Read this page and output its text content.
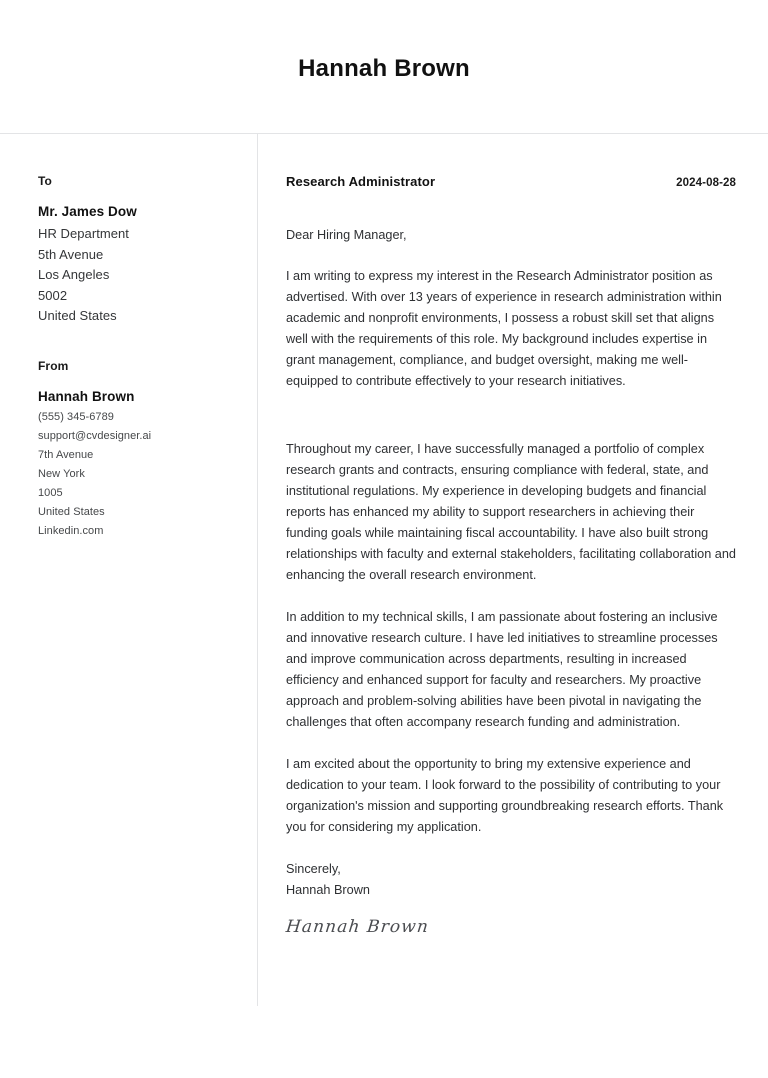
Hannah Brown
To
Mr. James Dow
HR Department
5th Avenue
Los Angeles
5002
United States
From
Hannah Brown
(555) 345-6789
support@cvdesigner.ai
7th Avenue
New York
1005
United States
Linkedin.com
Research Administrator	2024-08-28
Dear Hiring Manager,

I am writing to express my interest in the Research Administrator position as advertised. With over 13 years of experience in research administration within academic and nonprofit environments, I possess a robust skill set that aligns well with the requirements of this role. My background includes expertise in grant management, compliance, and budget oversight, making me well-equipped to contribute effectively to your research initiatives.

Throughout my career, I have successfully managed a portfolio of complex research grants and contracts, ensuring compliance with federal, state, and institutional regulations. My experience in developing budgets and financial reports has enhanced my ability to support researchers in achieving their funding goals while maintaining fiscal accountability. I have also built strong relationships with faculty and external stakeholders, facilitating collaboration and enhancing the overall research environment.

In addition to my technical skills, I am passionate about fostering an inclusive and innovative research culture. I have led initiatives to streamline processes and improve communication across departments, resulting in increased efficiency and enhanced support for faculty and researchers. My proactive approach and problem-solving abilities have been pivotal in navigating the challenges that often accompany research funding and administration.

I am excited about the opportunity to bring my extensive experience and dedication to your team. I look forward to the possibility of contributing to your organization's mission and supporting groundbreaking research efforts. Thank you for considering my application.

Sincerely,
Hannah Brown
Hannah Brown
